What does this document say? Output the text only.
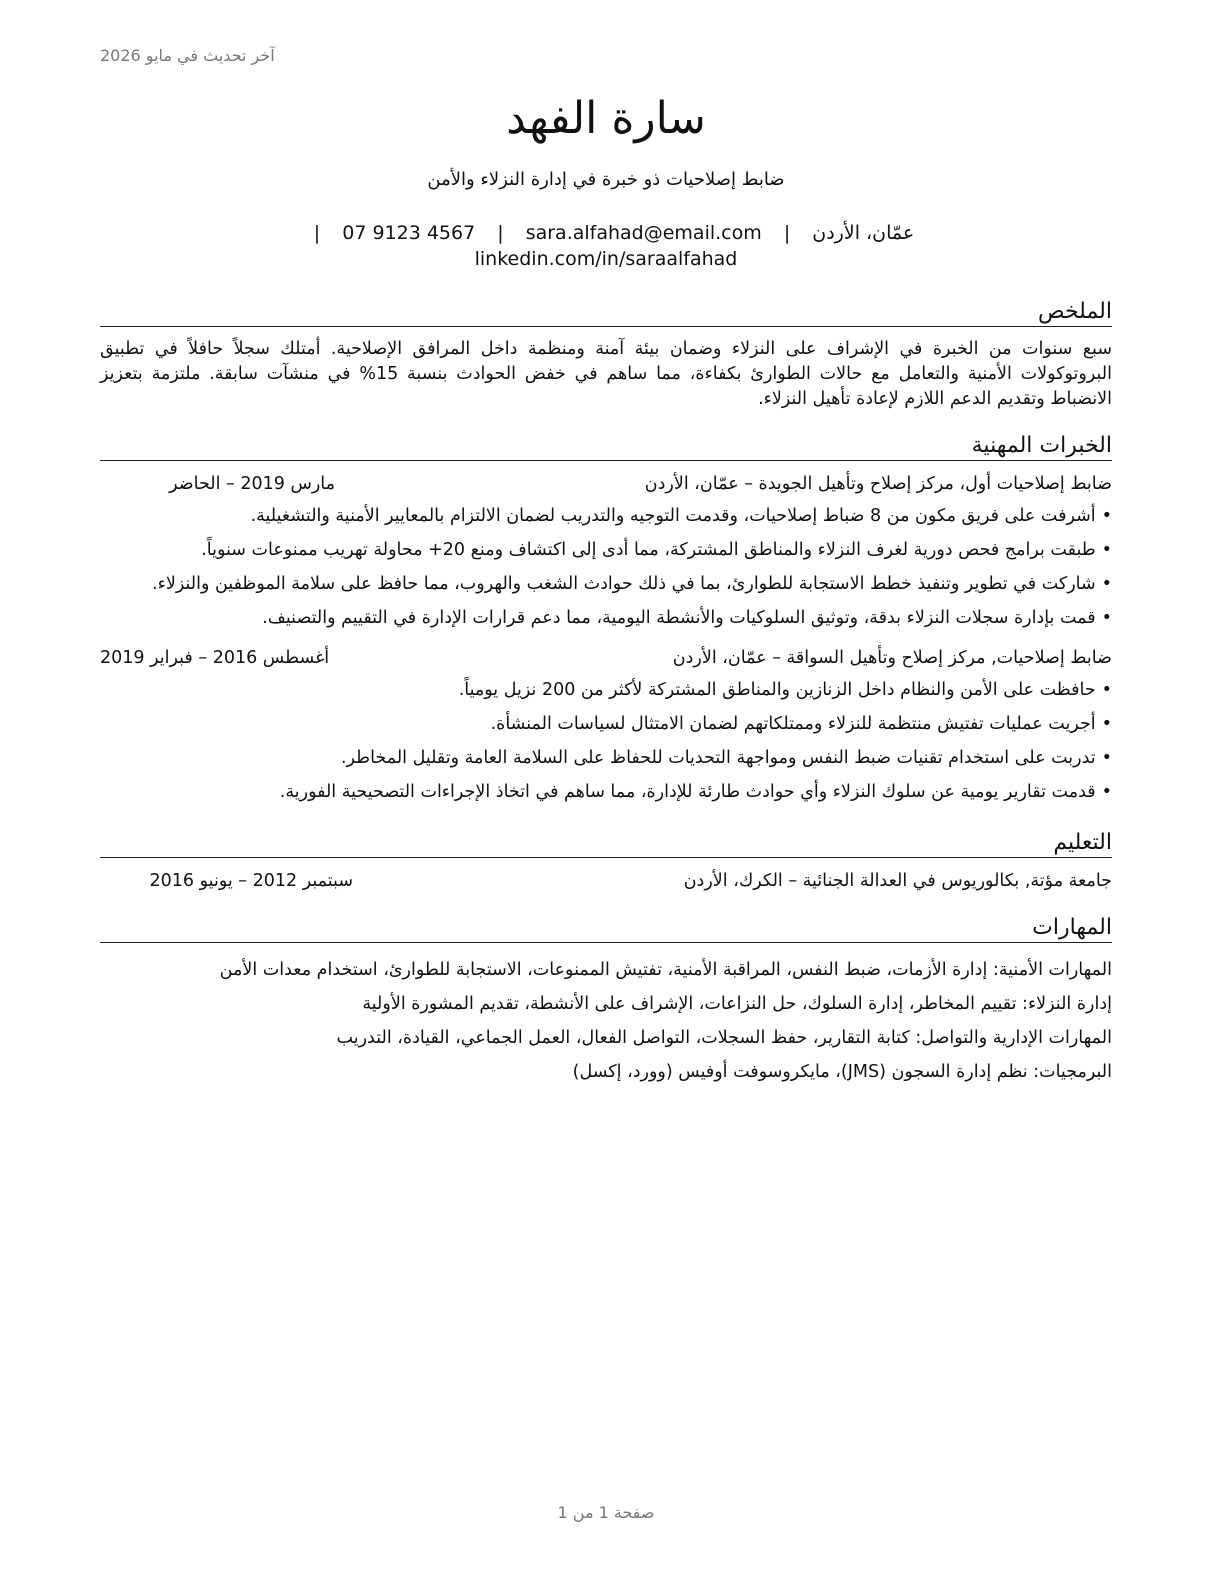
آخر تحديث في مايو 2026
سارة الفهد
ضابط إصلاحيات ذو خبرة في إدارة النزلاء والأمن
عمّان، الأردن | sara.alfahad@email.com | 07 9123 4567 | linkedin.com/in/saraalfahad
الملخص
سبع سنوات من الخبرة في الإشراف على النزلاء وضمان بيئة آمنة ومنظمة داخل المرافق الإصلاحية. أمتلك سجلاً حافلاً في تطبيق البروتوكولات الأمنية والتعامل مع حالات الطوارئ بكفاءة، مما ساهم في خفض الحوادث بنسبة 15% في منشآت سابقة. ملتزمة بتعزيز الانضباط وتقديم الدعم اللازم لإعادة تأهيل النزلاء.
الخبرات المهنية
ضابط إصلاحيات أول، مركز إصلاح وتأهيل الجويدة – عمّان، الأردن
مارس 2019 – الحاضر
• أشرفت على فريق مكون من 8 ضباط إصلاحيات، وقدمت التوجيه والتدريب لضمان الالتزام بالمعايير الأمنية والتشغيلية.
• طبقت برامج فحص دورية لغرف النزلاء والمناطق المشتركة، مما أدى إلى اكتشاف ومنع 20+ محاولة تهريب ممنوعات سنوياً.
• شاركت في تطوير وتنفيذ خطط الاستجابة للطوارئ، بما في ذلك حوادث الشغب والهروب، مما حافظ على سلامة الموظفين والنزلاء.
• قمت بإدارة سجلات النزلاء بدقة، وتوثيق السلوكيات والأنشطة اليومية، مما دعم قرارات الإدارة في التقييم والتصنيف.
ضابط إصلاحيات, مركز إصلاح وتأهيل السواقة – عمّان، الأردن
أغسطس 2016 – فبراير 2019
• حافظت على الأمن والنظام داخل الزنازين والمناطق المشتركة لأكثر من 200 نزيل يومياً.
• أجريت عمليات تفتيش منتظمة للنزلاء وممتلكاتهم لضمان الامتثال لسياسات المنشأة.
• تدربت على استخدام تقنيات ضبط النفس ومواجهة التحديات للحفاظ على السلامة العامة وتقليل المخاطر.
• قدمت تقارير يومية عن سلوك النزلاء وأي حوادث طارئة للإدارة، مما ساهم في اتخاذ الإجراءات التصحيحية الفورية.
التعليم
جامعة مؤتة, بكالوريوس في العدالة الجنائية – الكرك، الأردن
سبتمبر 2012 – يونيو 2016
المهارات
المهارات الأمنية: إدارة الأزمات، ضبط النفس، المراقبة الأمنية، تفتيش الممنوعات، الاستجابة للطوارئ، استخدام معدات الأمن
إدارة النزلاء: تقييم المخاطر، إدارة السلوك، حل النزاعات، الإشراف على الأنشطة، تقديم المشورة الأولية
المهارات الإدارية والتواصل: كتابة التقارير، حفظ السجلات، التواصل الفعال، العمل الجماعي، القيادة، التدريب
البرمجيات: نظم إدارة السجون (JMS)، مايكروسوفت أوفيس (وورد، إكسل)
صفحة 1 من 1
